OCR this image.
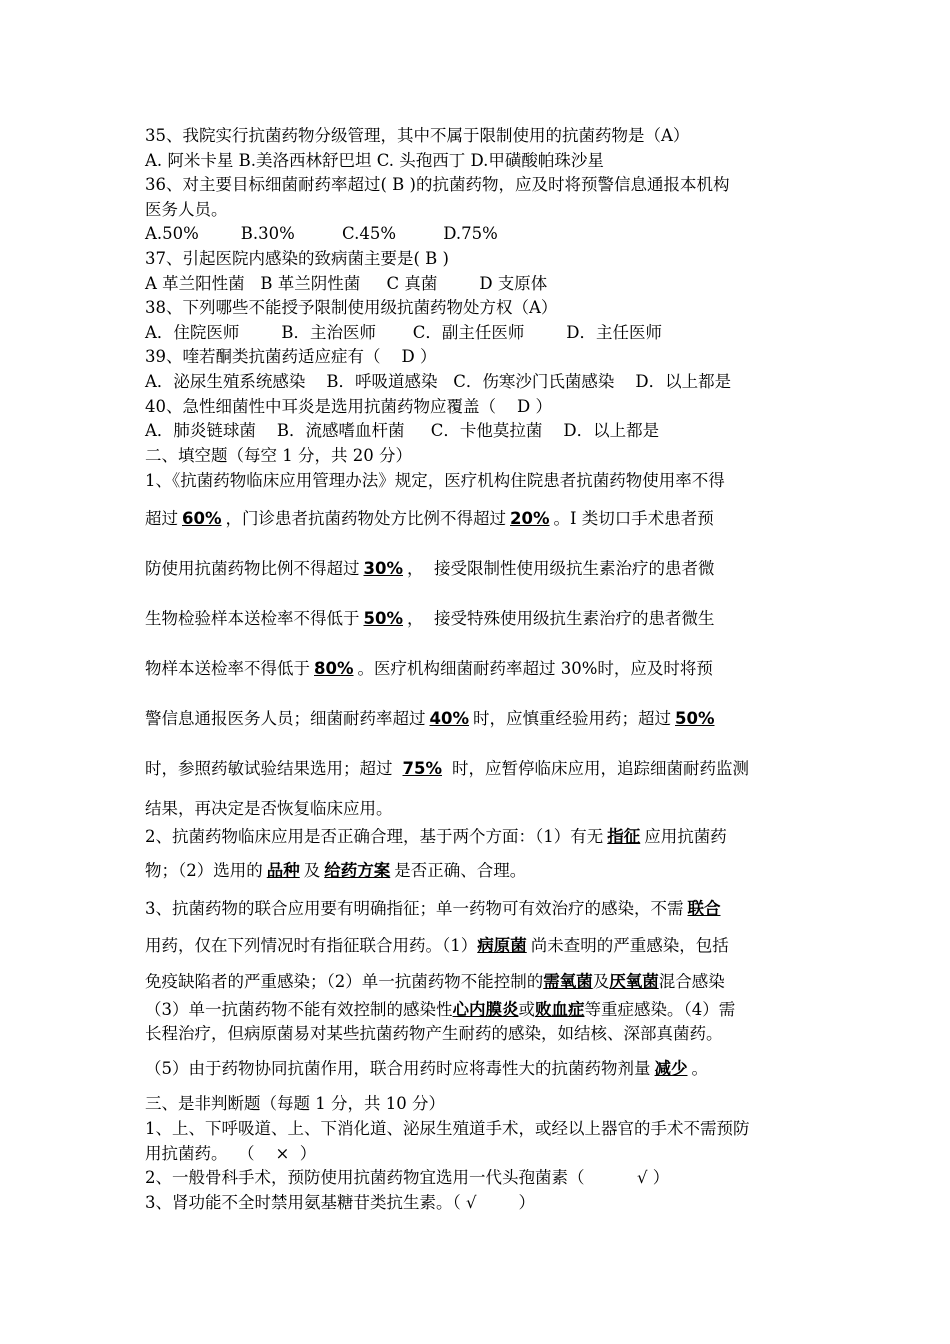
35、我院实行抗菌药物分级管理，其中不属于限制使用的抗菌药物是（A）
A. 阿米卡星 B.美洛西林舒巴坦 C. 头孢西丁 D.甲磺酸帕珠沙星
36、对主要目标细菌耐药率超过( B )的抗菌药物，应及时将预警信息通报本机构
医务人员。
A.50%        B.30%         C.45%         D.75%
37、引起医院内感染的致病菌主要是( B )
A 革兰阳性菌   B 革兰阴性菌     C 真菌        D 支原体
38、下列哪些不能授予限制使用级抗菌药物处方权（A）
A．住院医师        B．主治医师       C．副主任医师        D．主任医师
39、喹若酮类抗菌药适应症有（    D ）
A．泌尿生殖系统感染    B．呼吸道感染   C．伤寒沙门氏菌感染    D．以上都是
40、急性细菌性中耳炎是选用抗菌药物应覆盖（    D ）
A．肺炎链球菌    B．流感嗜血杆菌     C．卡他莫拉菌    D．以上都是
二、填空题（每空 1 分，共 20 分）
1、《抗菌药物临床应用管理办法》规定，医疗机构住院患者抗菌药物使用率不得
超过 60% ，门诊患者抗菌药物处方比例不得超过 20% 。I 类切口手术患者预
防使用抗菌药物比例不得超过 30% ，  接受限制性使用级抗生素治疗的患者微
生物检验样本送检率不得低于 50% ，  接受特殊使用级抗生素治疗的患者微生
物样本送检率不得低于 80% 。医疗机构细菌耐药率超过 30%时，应及时将预
警信息通报医务人员；细菌耐药率超过 40% 时，应慎重经验用药；超过 50%
时，参照药敏试验结果选用；超过 75% 时，应暂停临床应用，追踪细菌耐药监测
结果，再决定是否恢复临床应用。
2、抗菌药物临床应用是否正确合理，基于两个方面：（1）有无 指征 应用抗菌药
物；（2）选用的 品种 及 给药方案 是否正确、合理。
3、抗菌药物的联合应用要有明确指征；单一药物可有效治疗的感染，不需 联合
用药，仅在下列情况时有指征联合用药。（1）病原菌 尚未查明的严重感染，包括
免疫缺陷者的严重感染；（2）单一抗菌药物不能控制的需氧菌及厌氧菌混合感染
（3）单一抗菌药物不能有效控制的感染性心内膜炎或败血症等重症感染。（4）需
长程治疗，但病原菌易对某些抗菌药物产生耐药的感染，如结核、深部真菌药。
（5）由于药物协同抗菌作用，联合用药时应将毒性大的抗菌药物剂量 减少 。
三、是非判断题（每题 1 分，共 10 分）
1、上、下呼吸道、上、下消化道、泌尿生殖道手术，或经以上器官的手术不需预防
用抗菌药。  （    ×  ）
2、一般骨科手术，预防使用抗菌药物宜选用一代头孢菌素（          √ ）
3、肾功能不全时禁用氨基糖苷类抗生素。（ √        ）
